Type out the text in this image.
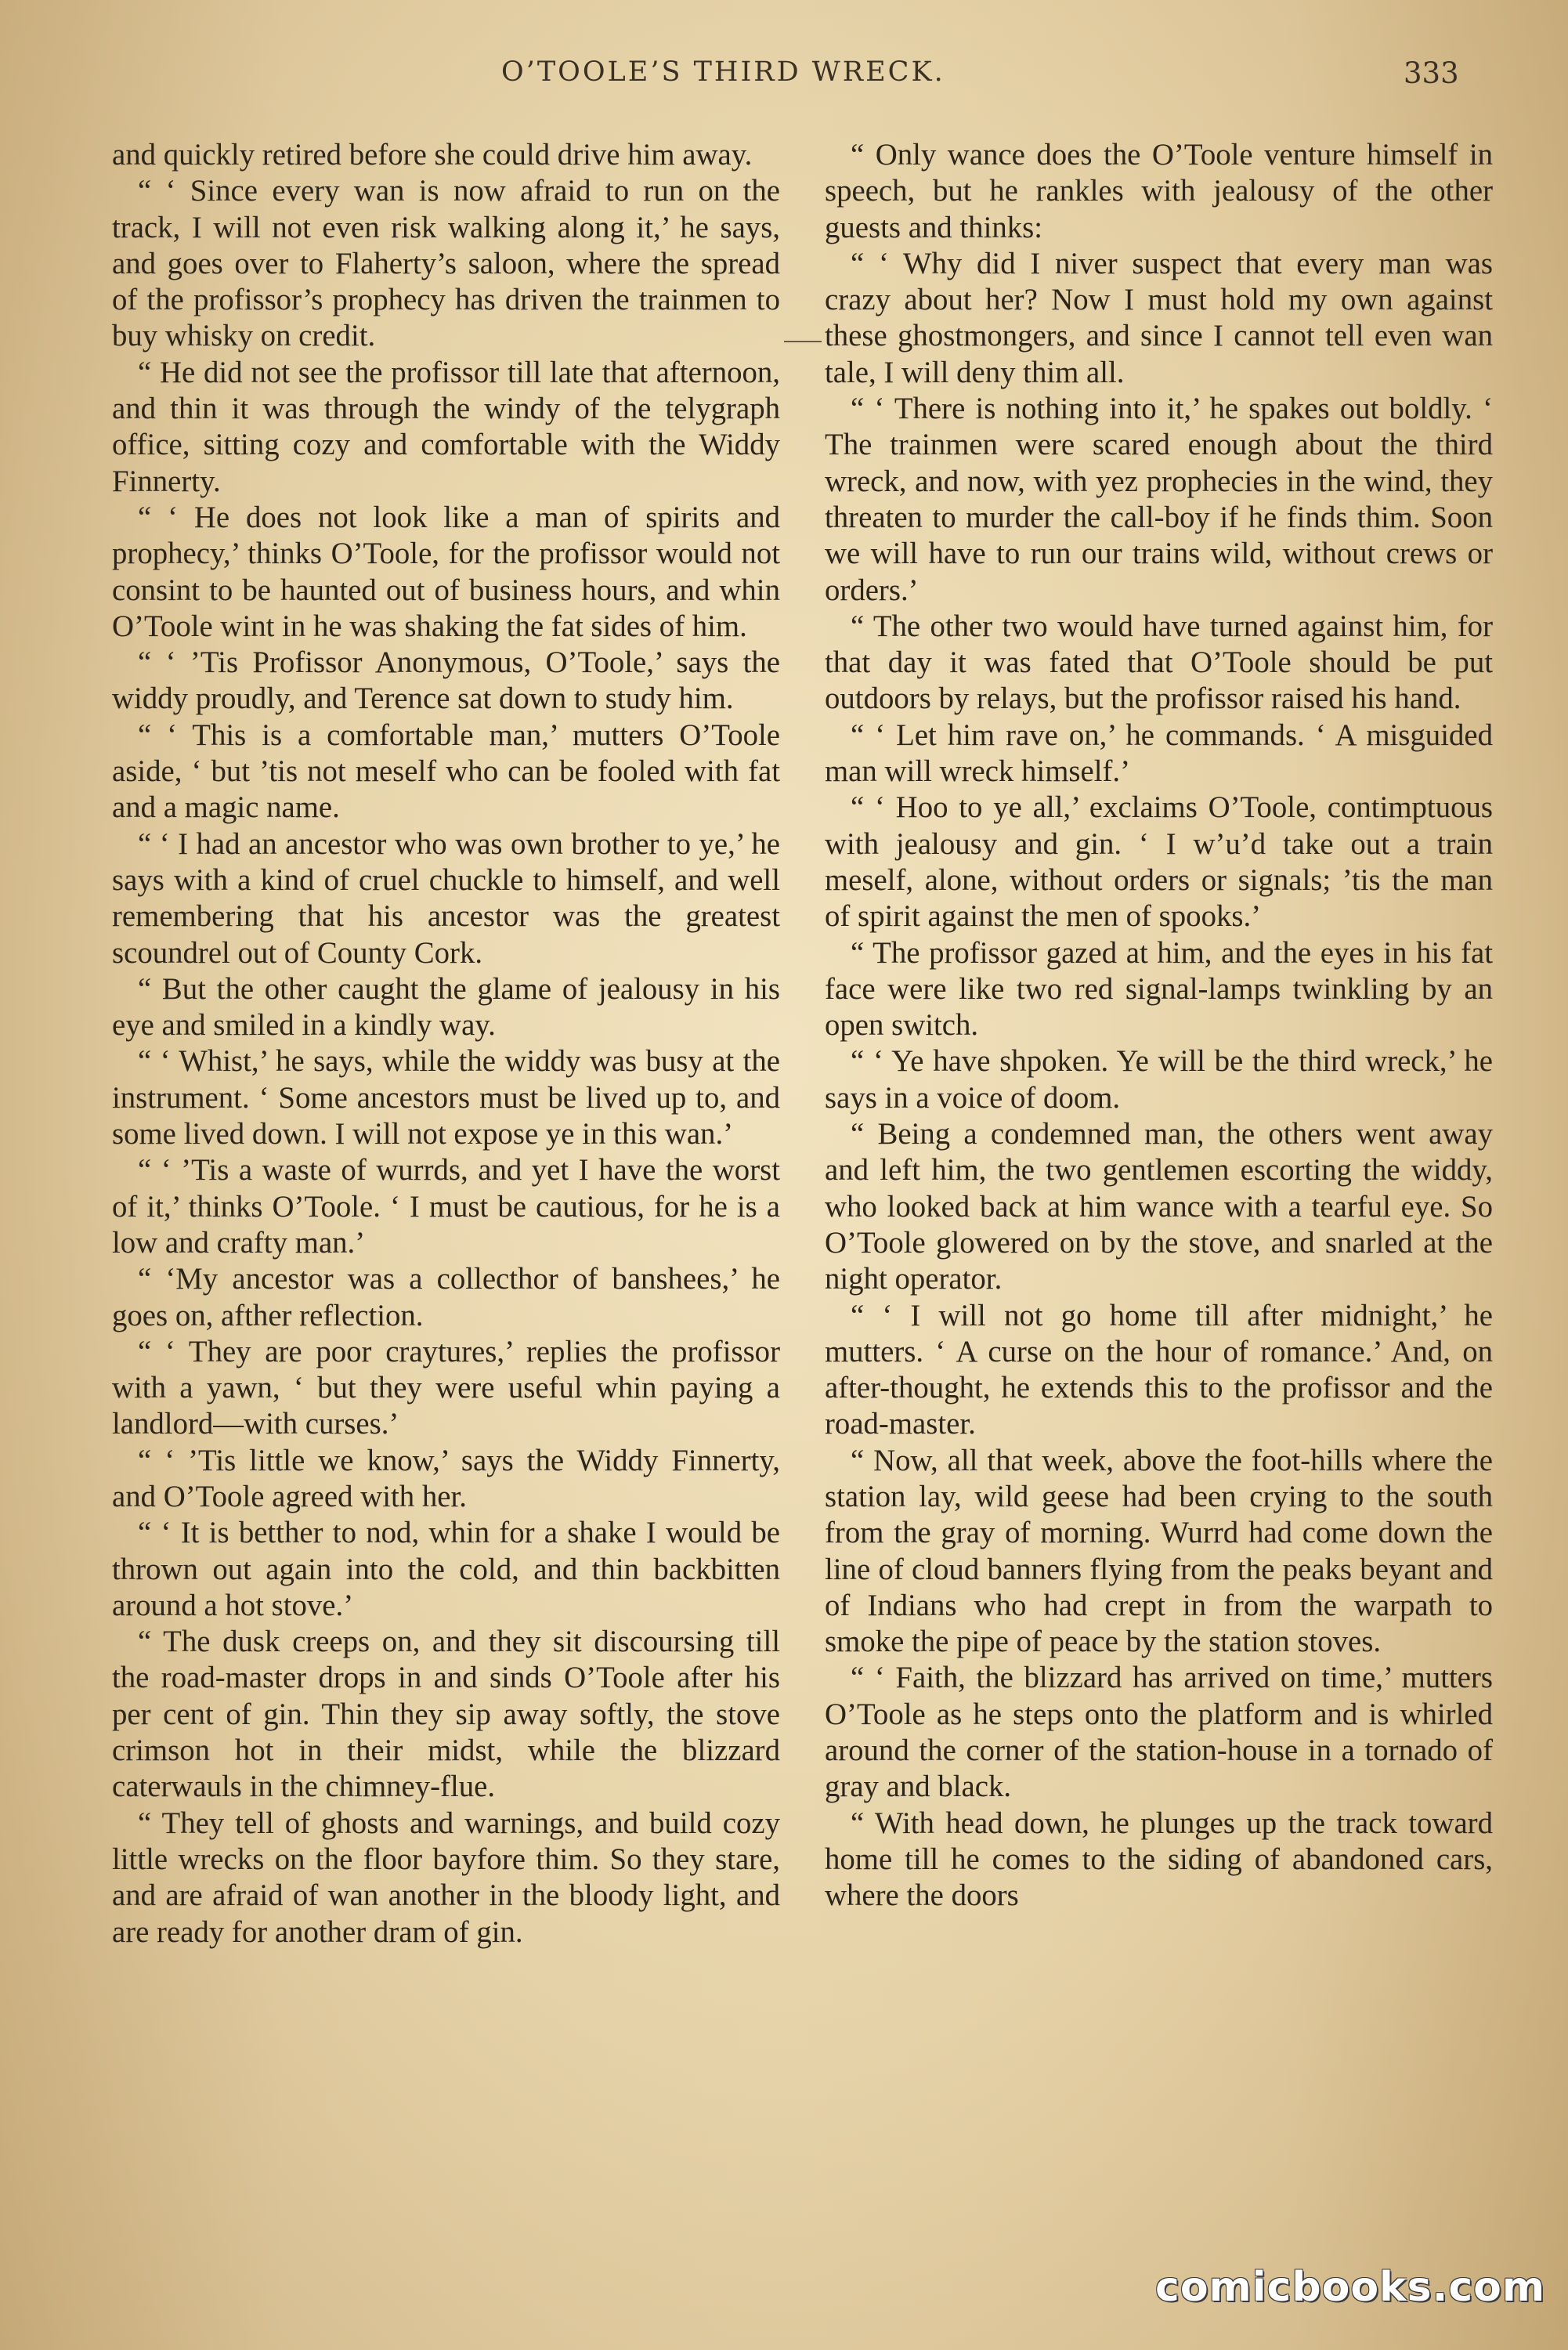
O’TOOLE’S THIRD WRECK.	333

and quickly retired before she could drive him away.

“ ‘ Since every wan is now afraid to run on the track, I will not even risk walking along it,’ he says, and goes over to Flaherty’s saloon, where the spread of the profissor’s prophecy has driven the trainmen to buy whisky on credit.

“ He did not see the profissor till late that afternoon, and thin it was through the windy of the telygraph office, sitting cozy and comfortable with the Widdy Finnerty.

“ ‘ He does not look like a man of spirits and prophecy,’ thinks O’Toole, for the profissor would not consint to be haunted out of business hours, and whin O’Toole wint in he was shaking the fat sides of him.

“ ‘ ’Tis Profissor Anonymous, O’Toole,’ says the widdy proudly, and Terence sat down to study him.

“ ‘ This is a comfortable man,’ mutters O’Toole aside, ‘ but ’tis not meself who can be fooled with fat and a magic name.

“ ‘ I had an ancestor who was own brother to ye,’ he says with a kind of cruel chuckle to himself, and well remembering that his ancestor was the greatest scoundrel out of County Cork.

“ But the other caught the glame of jealousy in his eye and smiled in a kindly way.

“ ‘ Whist,’ he says, while the widdy was busy at the instrument. ‘ Some ancestors must be lived up to, and some lived down. I will not expose ye in this wan.’

“ ‘ ’Tis a waste of wurrds, and yet I have the worst of it,’ thinks O’Toole. ‘ I must be cautious, for he is a low and crafty man.’

“ ‘My ancestor was a collecthor of banshees,’ he goes on, afther reflection.

“ ‘ They are poor craytures,’ replies the profissor with a yawn, ‘ but they were useful whin paying a landlord—with curses.’

“ ‘ ’Tis little we know,’ says the Widdy Finnerty, and O’Toole agreed with her.

“ ‘ It is betther to nod, whin for a shake I would be thrown out again into the cold, and thin backbitten around a hot stove.’

“ The dusk creeps on, and they sit discoursing till the road-master drops in and sinds O’Toole after his per cent of gin. Thin they sip away softly, the stove crimson hot in their midst, while the blizzard caterwauls in the chimney-flue.

“ They tell of ghosts and warnings, and build cozy little wrecks on the floor bayfore thim. So they stare, and are afraid of wan another in the bloody light, and are ready for another dram of gin.

“ Only wance does the O’Toole venture himself in speech, but he rankles with jealousy of the other guests and thinks:

“ ‘ Why did I niver suspect that every man was crazy about her? Now I must hold my own against these ghostmongers, and since I cannot tell even wan tale, I will deny thim all.

“ ‘ There is nothing into it,’ he spakes out boldly. ‘ The trainmen were scared enough about the third wreck, and now, with yez prophecies in the wind, they threaten to murder the call-boy if he finds thim. Soon we will have to run our trains wild, without crews or orders.’

“ The other two would have turned against him, for that day it was fated that O’Toole should be put outdoors by relays, but the profissor raised his hand.

“ ‘ Let him rave on,’ he commands. ‘ A misguided man will wreck himself.’

“ ‘ Hoo to ye all,’ exclaims O’Toole, contimptuous with jealousy and gin. ‘ I w’u’d take out a train meself, alone, without orders or signals; ’tis the man of spirit against the men of spooks.’

“ The profissor gazed at him, and the eyes in his fat face were like two red signal-lamps twinkling by an open switch.

“ ‘ Ye have shpoken. Ye will be the third wreck,’ he says in a voice of doom.

“ Being a condemned man, the others went away and left him, the two gentlemen escorting the widdy, who looked back at him wance with a tearful eye. So O’Toole glowered on by the stove, and snarled at the night operator.

“ ‘ I will not go home till after midnight,’ he mutters. ‘ A curse on the hour of romance.’ And, on after-thought, he extends this to the profissor and the road-master.

“ Now, all that week, above the foot-hills where the station lay, wild geese had been crying to the south from the gray of morning. Wurrd had come down the line of cloud banners flying from the peaks beyant and of Indians who had crept in from the warpath to smoke the pipe of peace by the station stoves.

“ ‘ Faith, the blizzard has arrived on time,’ mutters O’Toole as he steps onto the platform and is whirled around the corner of the station-house in a tornado of gray and black.

“ With head down, he plunges up the track toward home till he comes to the siding of abandoned cars, where the doors

comicbooks.com
